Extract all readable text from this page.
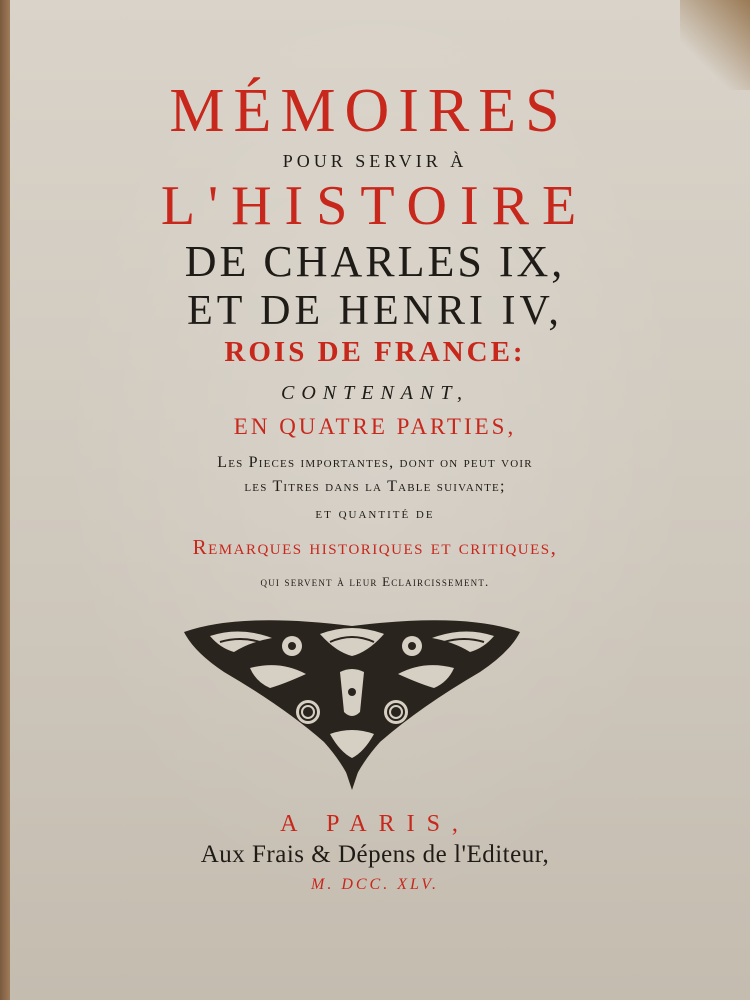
MÉMOIRES
POUR SERVIR À
L'HISTOIRE
DE CHARLES IX,
ET DE HENRI IV,
ROIS DE FRANCE:
CONTENANT,
EN QUATRE PARTIES,
Les Pieces importantes, dont on peut voir
les Titres dans la Table suivante;
et quantité de
Remarques historiques et critiques,
qui servent à leur Eclaircissement.
A PARIS,
Aux Frais & Dépens de l'Editeur,
M. DCC. XLV.
